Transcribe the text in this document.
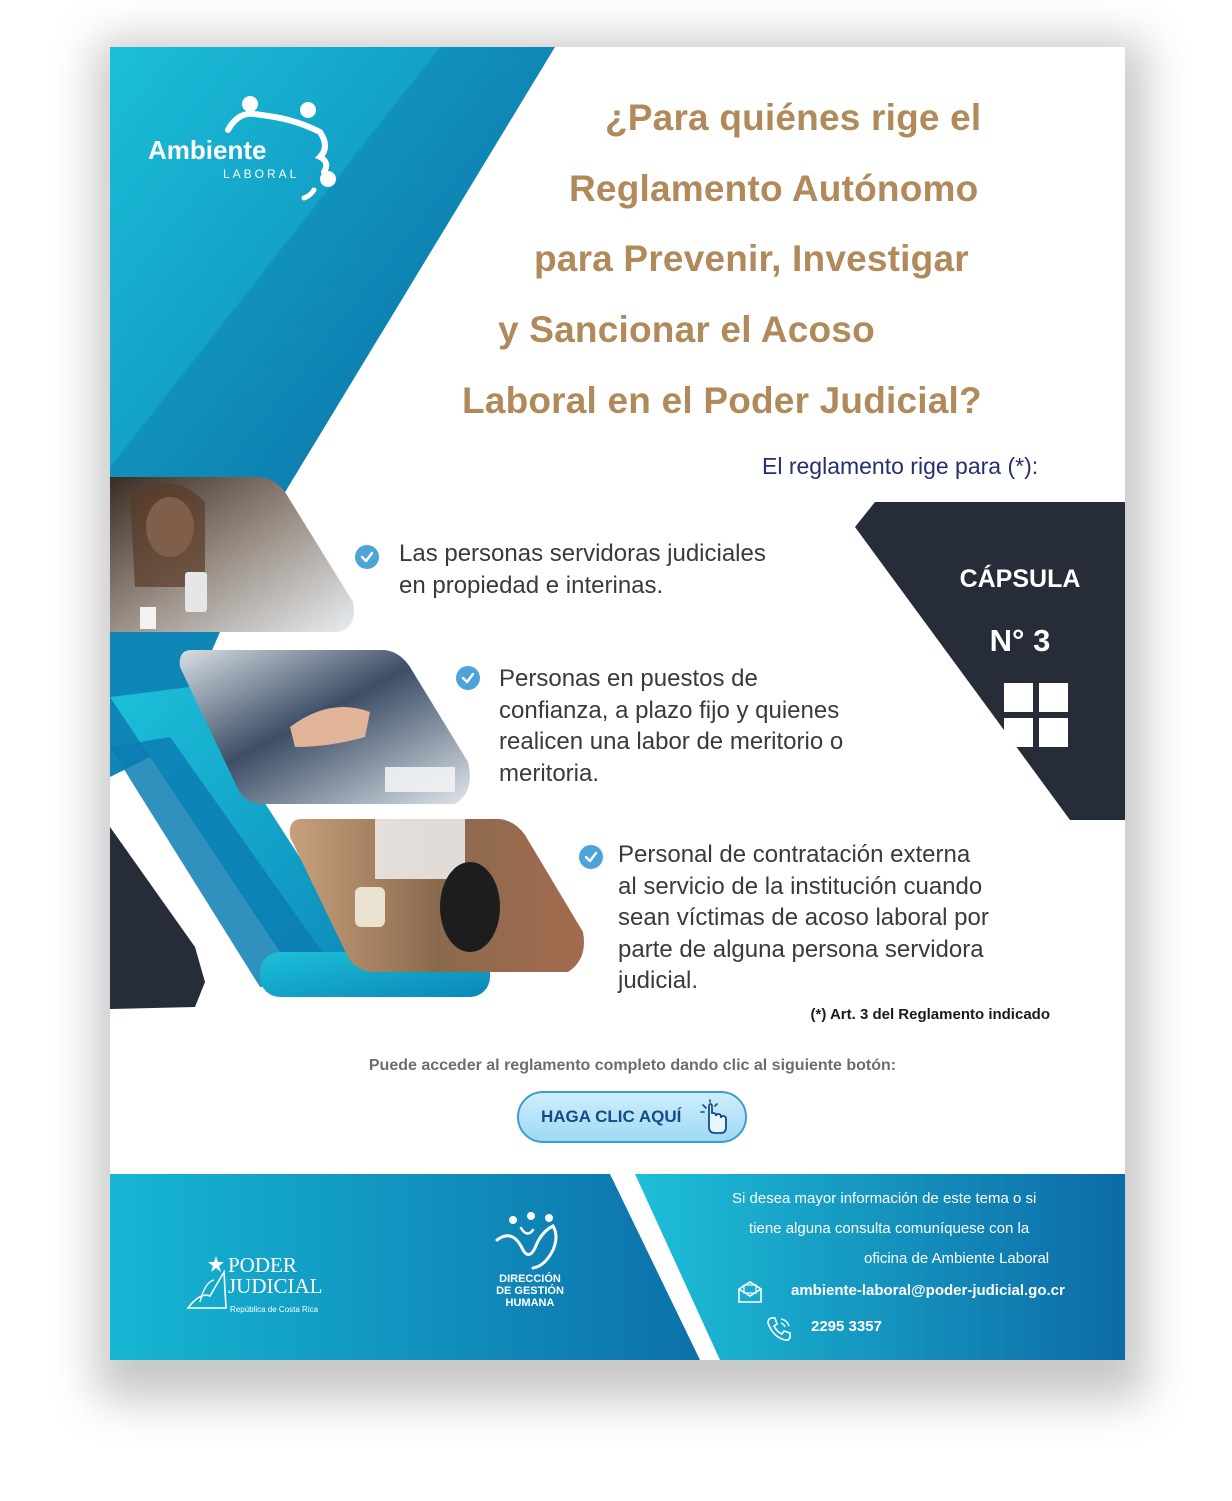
Ambiente
LABORAL
¿Para quiénes rige el
Reglamento Autónomo
para Prevenir, Investigar
y Sancionar el Acoso
Laboral en el Poder Judicial?
El reglamento rige para (*):
Las personas servidoras judiciales
en propiedad e interinas.
Personas en puestos de
confianza, a plazo fijo y quienes
realicen una labor de meritorio o
meritoria.
Personal de contratación externa
al servicio de la institución cuando
sean víctimas de acoso laboral por
parte de alguna persona servidora
judicial.
CÁPSULA
N° 3
(*) Art. 3 del Reglamento indicado
Puede acceder al reglamento completo dando clic al siguiente botón:
HAGA CLIC AQUÍ
PODER
JUDICIAL
República de Costa Rica
DIRECCIÓN
DE GESTIÓN
HUMANA
Si desea mayor información de este tema o si
tiene alguna consulta comuníquese con la
oficina de Ambiente Laboral
ambiente-laboral@poder-judicial.go.cr
2295 3357
